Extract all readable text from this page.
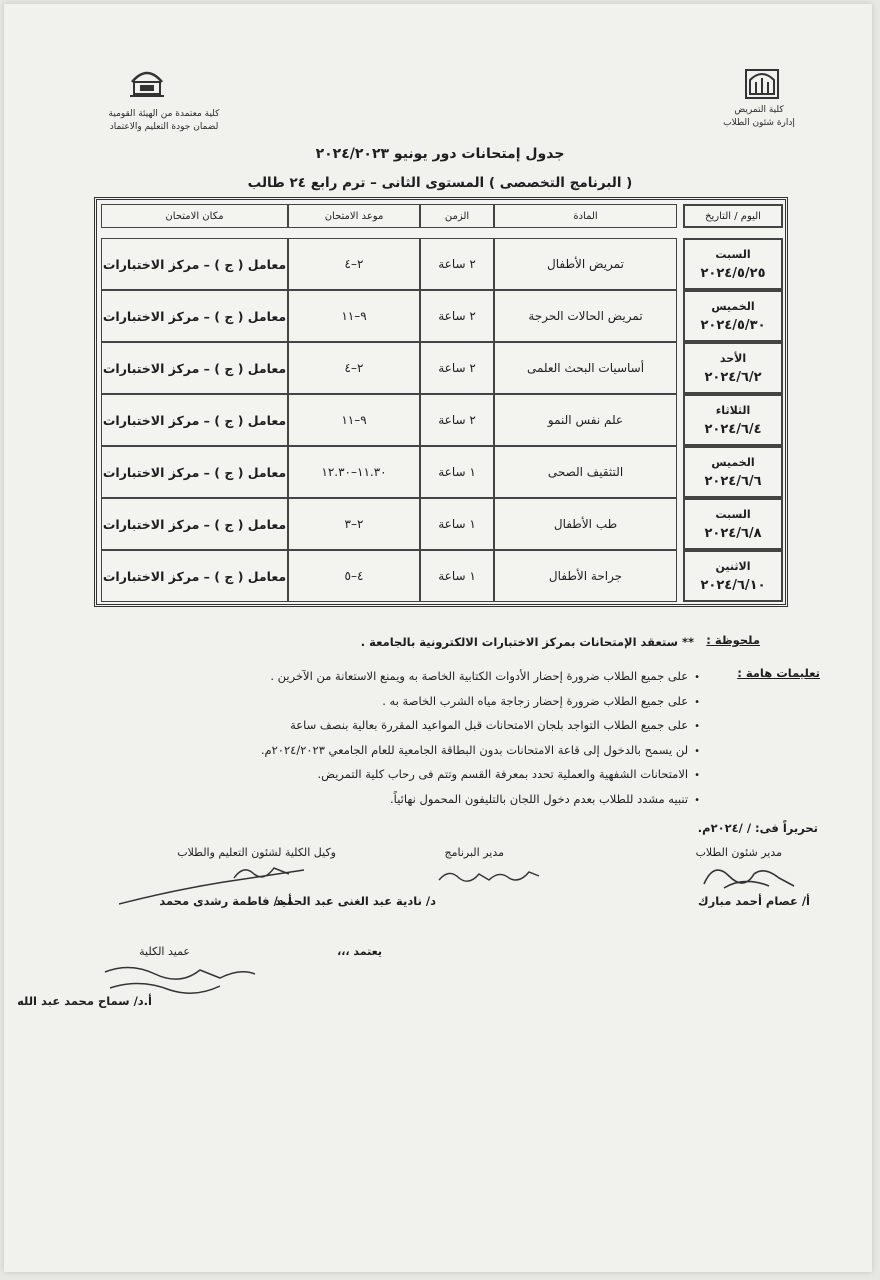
كلية التمريض
إدارة شئون الطلاب
كلية معتمدة من الهيئة القومية
لضمان جودة التعليم والاعتماد
جدول إمتحانات دور يونيو ٢٠٢٤/٢٠٢٣
( البرنامج التخصصى ) المستوى الثانى – ترم رابع ٢٤ طالب
اليوم / التاريخ
المادة
الزمن
موعد الامتحان
مكان الامتحان
السبت
٢٠٢٤/٥/٢٥
تمريض الأطفال
٢ ساعة
٢–٤
معامل ( ج ) – مركز الاختبارات
الخميس
٢٠٢٤/٥/٣٠
تمريض الحالات الحرجة
٢ ساعة
٩–١١
معامل ( ج ) – مركز الاختبارات
الأحد
٢٠٢٤/٦/٢
أساسيات البحث العلمى
٢ ساعة
٢–٤
معامل ( ج ) – مركز الاختبارات
الثلاثاء
٢٠٢٤/٦/٤
علم نفس النمو
٢ ساعة
٩–١١
معامل ( ج ) – مركز الاختبارات
الخميس
٢٠٢٤/٦/٦
التثقيف الصحى
١ ساعة
١١.٣٠–١٢.٣٠
معامل ( ج ) – مركز الاختبارات
السبت
٢٠٢٤/٦/٨
طب الأطفال
١ ساعة
٢–٣
معامل ( ج ) – مركز الاختبارات
الاثنين
٢٠٢٤/٦/١٠
جراحة الأطفال
١ ساعة
٤–٥
معامل ( ج ) – مركز الاختبارات
ملحوظة :
** ستعقد الإمتحانات بمركز الاختبارات الالكترونية بالجامعة .
تعليمات هامة :
•على جميع الطلاب ضرورة إحضار الأدوات الكتابية الخاصة به ويمنع الاستعانة من الآخرين .
•على جميع الطلاب ضرورة إحضار زجاجة مياه الشرب الخاصة به .
•على جميع الطلاب التواجد بلجان الامتحانات قبل المواعيد المقررة بعالية بنصف ساعة
•لن يسمح بالدخول إلى قاعة الامتحانات بدون البطاقة الجامعية للعام الجامعي ٢٠٢٤/٢٠٢٣م.
•الامتحانات الشفهية والعملية تحدد بمعرفة القسم وتتم فى رحاب كلية التمريض.
•تنبيه مشدد للطلاب بعدم دخول اللجان بالتليفون المحمول نهائياً.
تحريراً فى: / /٢٠٢٤م.
مدير شئون الطلاب
أ/ عصام أحمد مبارك
مدير البرنامج
د/ نادية عبد الغنى عبد الحميد
وكيل الكلية لشئون التعليم والطلاب
أ.د/ فاطمة رشدى محمد
يعتمد ،،،
عميد الكلية
أ.د/ سماح محمد عبد الله
